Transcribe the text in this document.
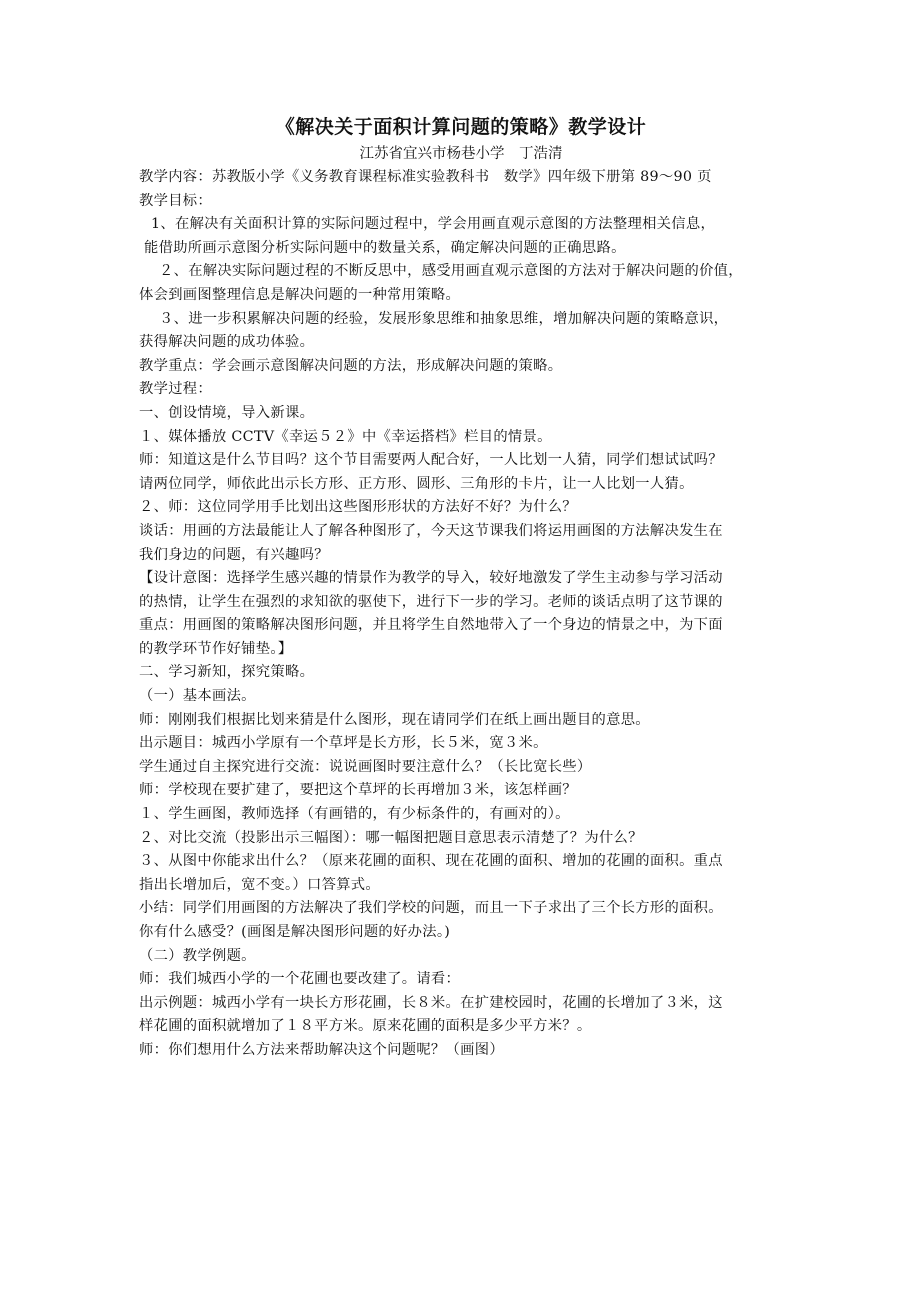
《解决关于面积计算问题的策略》教学设计
江苏省宜兴市杨巷小学　丁浩清
教学内容：苏教版小学《义务教育课程标准实验教科书　数学》四年级下册第 89～90 页
教学目标：
1、在解决有关面积计算的实际问题过程中，学会用画直观示意图的方法整理相关信息，
能借助所画示意图分析实际问题中的数量关系，确定解决问题的正确思路。
２、在解决实际问题过程的不断反思中，感受用画直观示意图的方法对于解决问题的价值，
体会到画图整理信息是解决问题的一种常用策略。
３、进一步积累解决问题的经验，发展形象思维和抽象思维，增加解决问题的策略意识，
获得解决问题的成功体验。
教学重点：学会画示意图解决问题的方法，形成解决问题的策略。
教学过程：
一、创设情境，导入新课。
１、媒体播放 CCTV《幸运５２》中《幸运搭档》栏目的情景。
师：知道这是什么节目吗？这个节目需要两人配合好，一人比划一人猜，同学们想试试吗？
请两位同学，师依此出示长方形、正方形、圆形、三角形的卡片，让一人比划一人猜。
２、师：这位同学用手比划出这些图形形状的方法好不好？为什么？
谈话：用画的方法最能让人了解各种图形了，今天这节课我们将运用画图的方法解决发生在
我们身边的问题，有兴趣吗？
【设计意图：选择学生感兴趣的情景作为教学的导入，较好地激发了学生主动参与学习活动
的热情，让学生在强烈的求知欲的驱使下，进行下一步的学习。老师的谈话点明了这节课的
重点：用画图的策略解决图形问题，并且将学生自然地带入了一个身边的情景之中，为下面
的教学环节作好铺垫。】
二、学习新知，探究策略。
（一）基本画法。
师：刚刚我们根据比划来猜是什么图形，现在请同学们在纸上画出题目的意思。
出示题目：城西小学原有一个草坪是长方形，长５米，宽３米。
学生通过自主探究进行交流：说说画图时要注意什么？（长比宽长些）
师：学校现在要扩建了，要把这个草坪的长再增加３米，该怎样画？
１、学生画图，教师选择（有画错的，有少标条件的，有画对的）。
２、对比交流（投影出示三幅图）：哪一幅图把题目意思表示清楚了？为什么？
３、从图中你能求出什么？（原来花圃的面积、现在花圃的面积、增加的花圃的面积。重点
指出长增加后，宽不变。）口答算式。
小结：同学们用画图的方法解决了我们学校的问题，而且一下子求出了三个长方形的面积。
你有什么感受？(画图是解决图形问题的好办法。)
（二）教学例题。
师：我们城西小学的一个花圃也要改建了。请看：
出示例题：城西小学有一块长方形花圃，长８米。在扩建校园时，花圃的长增加了３米，这
样花圃的面积就增加了１８平方米。原来花圃的面积是多少平方米？。
师：你们想用什么方法来帮助解决这个问题呢？（画图）
